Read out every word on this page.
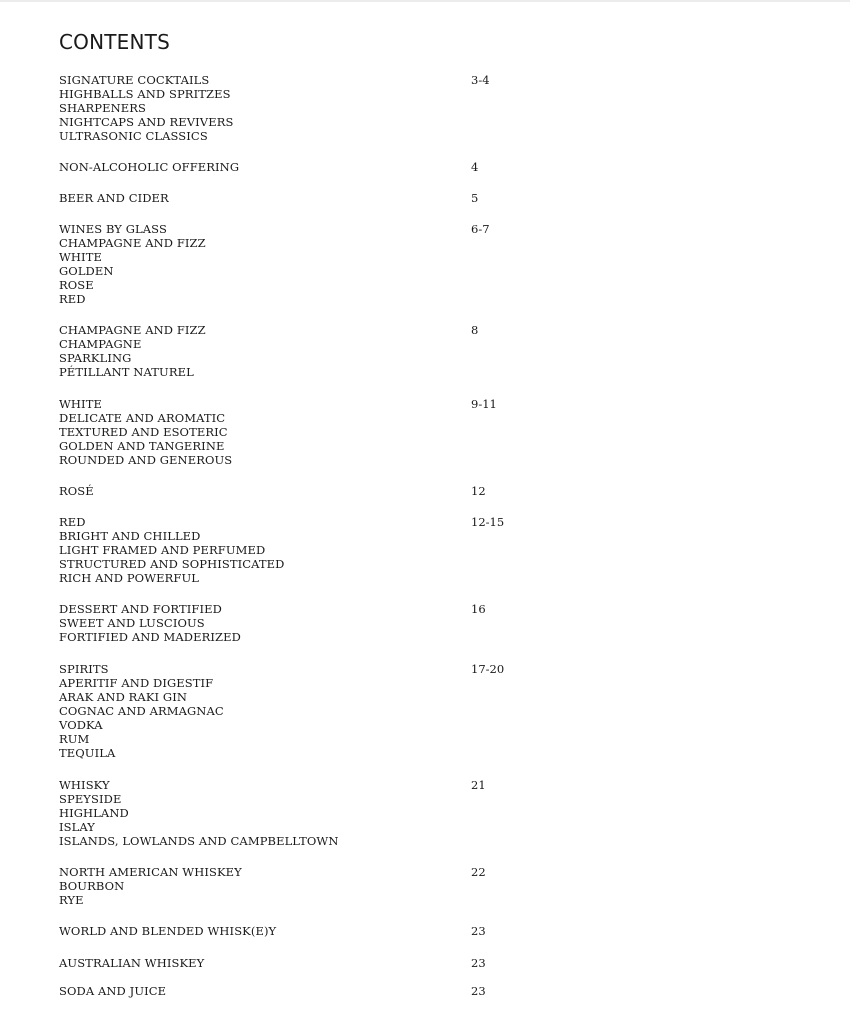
CONTENTS
SIGNATURE COCKTAILS	3-4
HIGHBALLS AND SPRITZES
SHARPENERS
NIGHTCAPS AND REVIVERS
ULTRASONIC CLASSICS
NON-ALCOHOLIC OFFERING	4
BEER AND CIDER	5
WINES BY GLASS	6-7
CHAMPAGNE AND FIZZ
WHITE
GOLDEN
ROSE
RED
CHAMPAGNE AND FIZZ	8
CHAMPAGNE
SPARKLING
PÉTILLANT NATUREL
WHITE	9-11
DELICATE AND AROMATIC
TEXTURED AND ESOTERIC
GOLDEN AND TANGERINE
ROUNDED AND GENEROUS
ROSÉ	12
RED	12-15
BRIGHT AND CHILLED
LIGHT FRAMED AND PERFUMED
STRUCTURED AND SOPHISTICATED
RICH AND POWERFUL
DESSERT AND FORTIFIED	16
SWEET AND LUSCIOUS
FORTIFIED AND MADERIZED
SPIRITS	17-20
APERITIF AND DIGESTIF
ARAK AND RAKI GIN
COGNAC AND ARMAGNAC
VODKA
RUM
TEQUILA
WHISKY	21
SPEYSIDE
HIGHLAND
ISLAY
ISLANDS, LOWLANDS AND CAMPBELLTOWN
NORTH AMERICAN WHISKEY	22
BOURBON
RYE
WORLD AND BLENDED WHISK(E)Y	23
AUSTRALIAN WHISKEY	23
SODA AND JUICE	23
